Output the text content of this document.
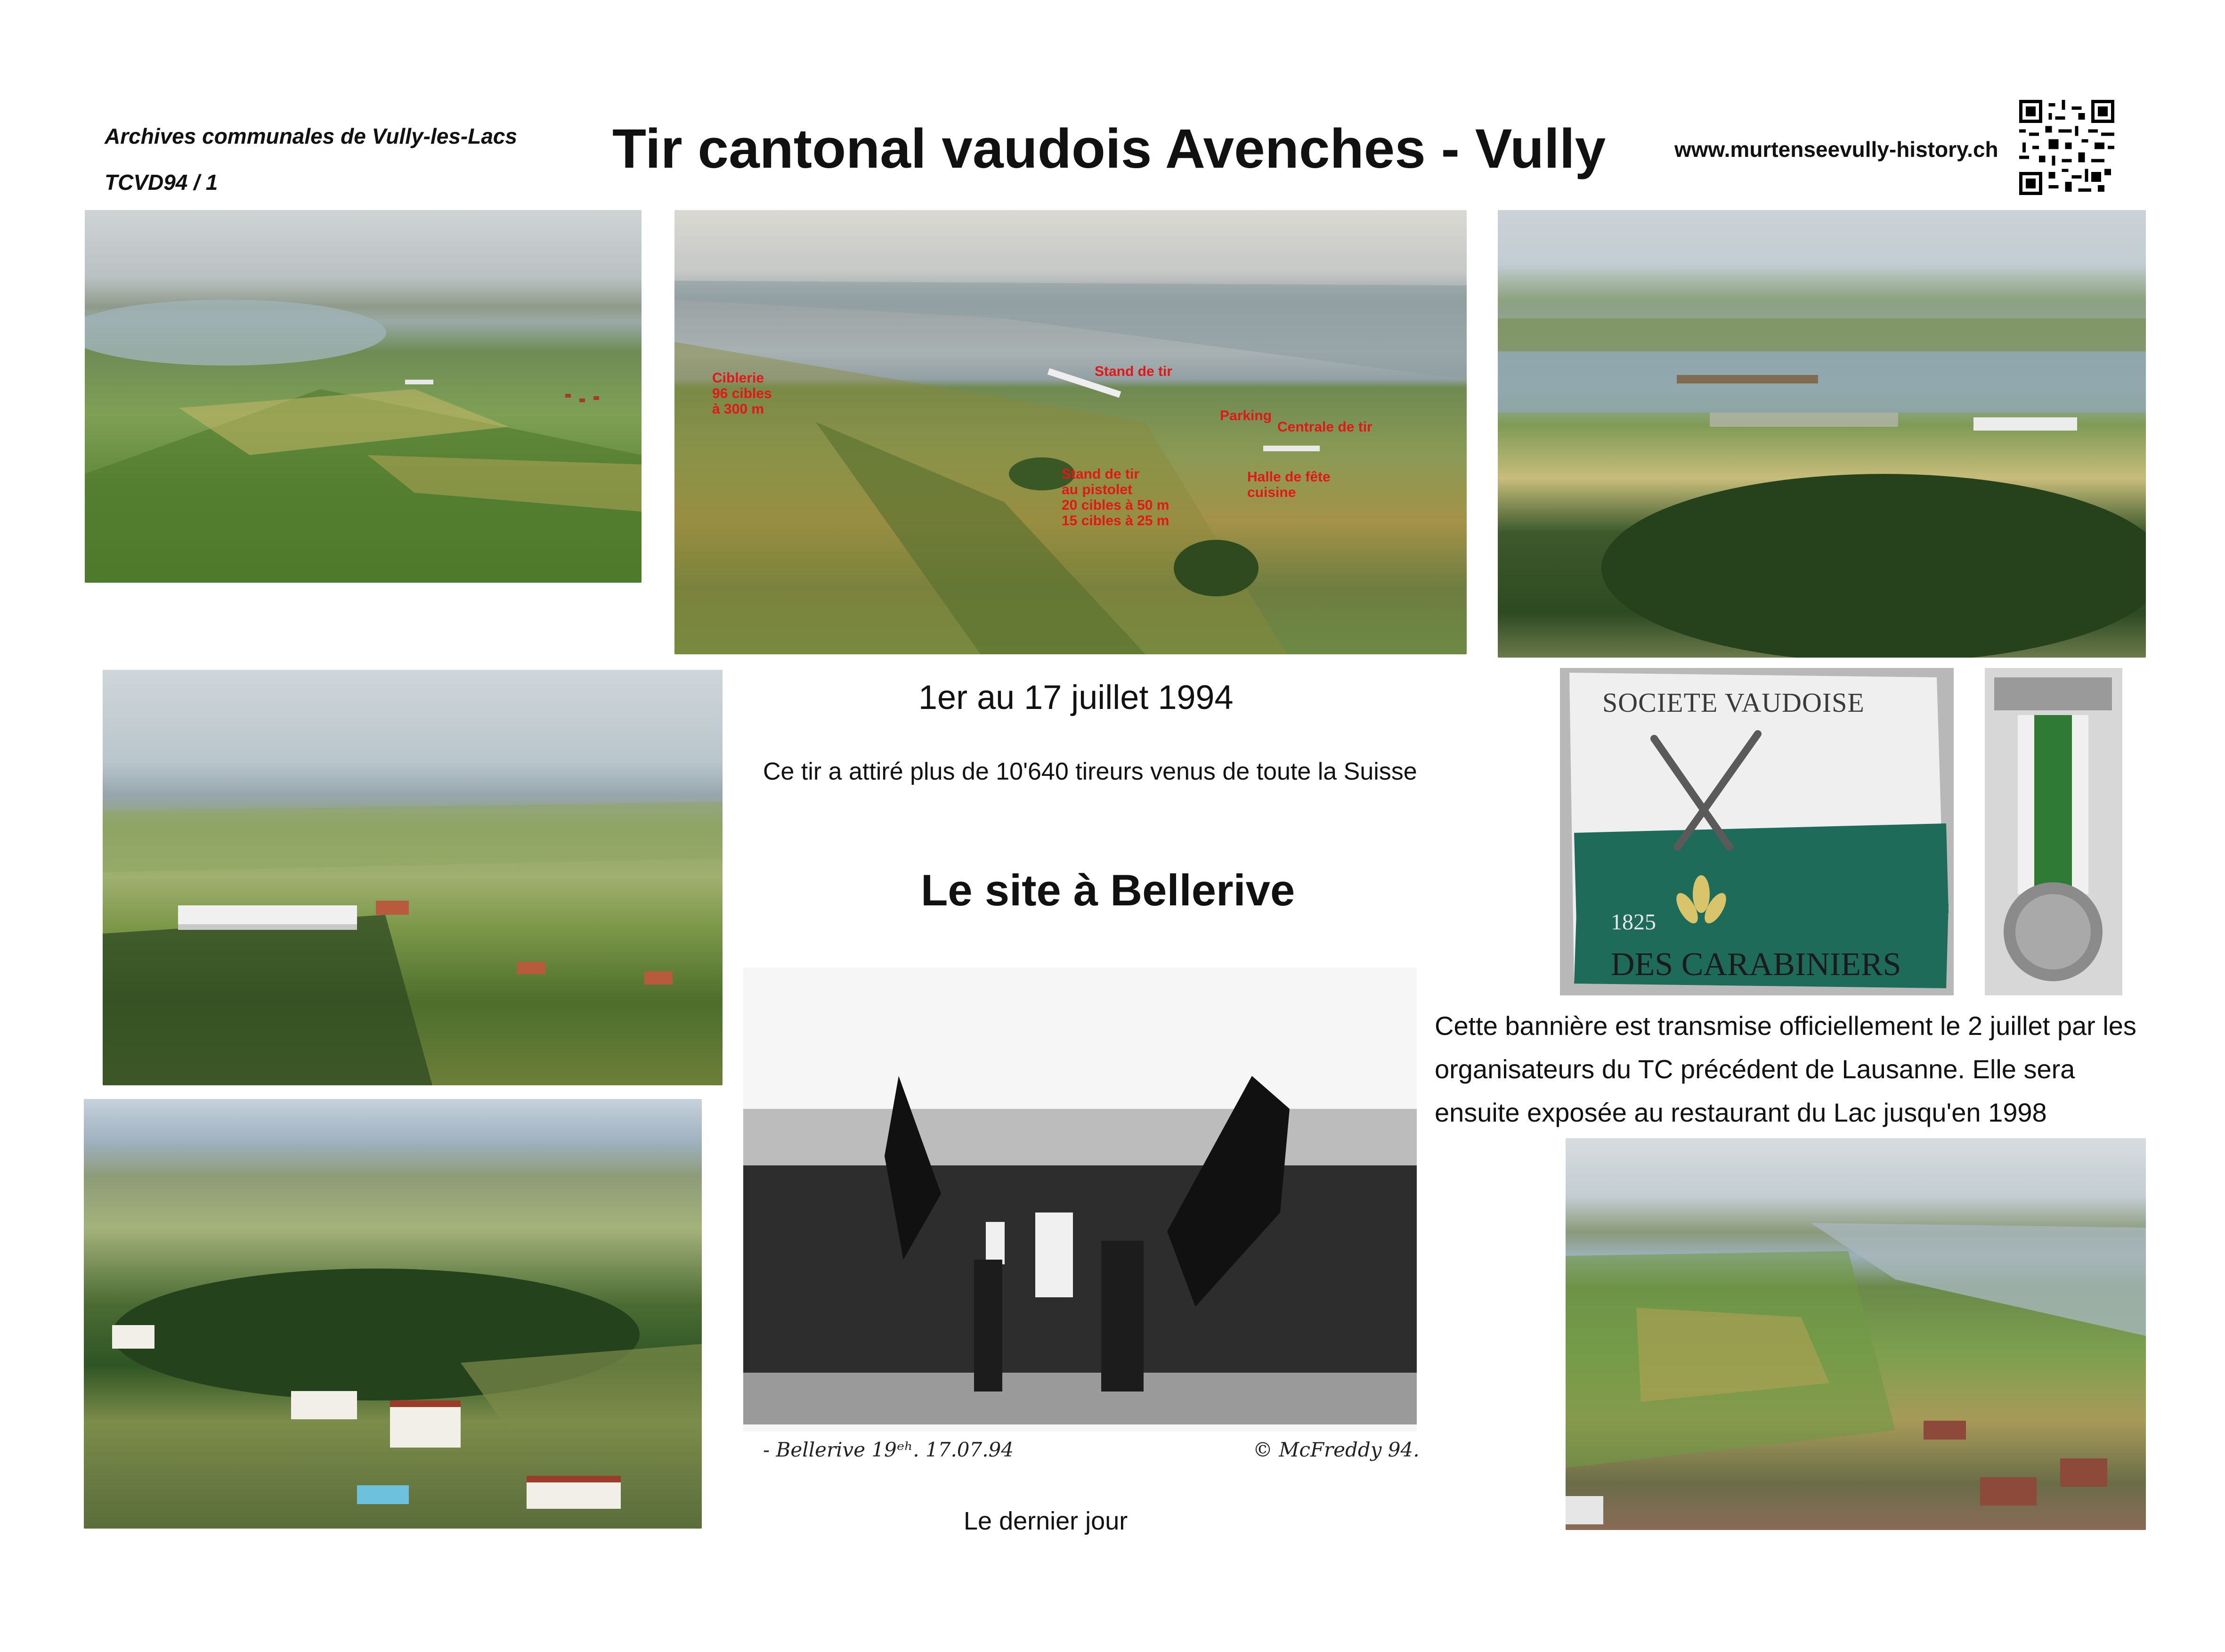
Archives communales de Vully-les-Lacs
TCVD94 / 1
Tir cantonal vaudois Avenches - Vully	www.murtenseevully-history.ch
Ciblerie
96 cibles
à 300 m
Stand de tir
Parking
Centrale de tir
Stand de tir
au pistolet
20 cibles à 50 m
15 cibles à 25 m
Halle de fête
cuisine
1er au 17 juillet 1994
Ce tir a attiré plus de 10'640 tireurs venus de toute la Suisse
Le site à Bellerive
- Bellerive 19ᵉʰ. 17.07.94	© McFreddy 94.
Le dernier jour
SOCIETE VAUDOISE
1825
DES CARABINIERS
Cette bannière est transmise officiellement le 2 juillet par les organisateurs du TC précédent de Lausanne. Elle sera ensuite exposée au restaurant du Lac jusqu'en 1998
